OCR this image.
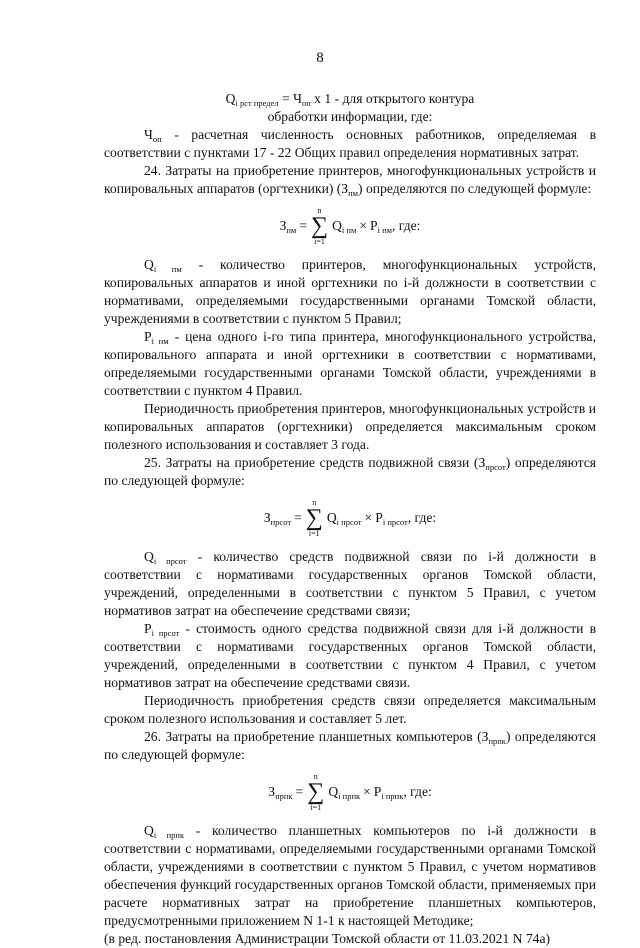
8

$Q_{i рст предел} = Ч_{оп}$ х 1 - для открытого контура

обработки информации, где:

$Ч_{оп}$ - расчетная численность основных работников, определяемая в соответствии с пунктами 17 - 22 Общих правил определения нормативных затрат.

24. Затраты на приобретение принтеров, многофункциональных устройств и копировальных аппаратов (оргтехники) $(З_{пм})$ определяются по следующей формуле:

$З_{пм}$ =
n
∑
i=1
$Q_{i пм} \times P_{i пм}$, где:

$Q_{i пм}$ - количество принтеров, многофункциональных устройств, копировальных аппаратов и иной оргтехники по i-й должности в соответствии с нормативами, определяемыми государственными органами Томской области, учреждениями в соответствии с пунктом 5 Правил;

$P_{i пм}$ - цена одного i-го типа принтера, многофункционального устройства, копировального аппарата и иной оргтехники в соответствии с нормативами, определяемыми государственными органами Томской области, учреждениями в соответствии с пунктом 4 Правил.

Периодичность приобретения принтеров, многофункциональных устройств и копировальных аппаратов (оргтехники) определяется максимальным сроком полезного использования и составляет 3 года.

25. Затраты на приобретение средств подвижной связи $(З_{прсот})$ определяются по следующей формуле:

$З_{прсот}$ =
n
∑
i=1
$Q_{i прсот} \times P_{i прсот}$, где:

$Q_{i прсот}$ - количество средств подвижной связи по i-й должности в соответствии с нормативами государственных органов Томской области, учреждений, определенными в соответствии с пунктом 5 Правил, с учетом нормативов затрат на обеспечение средствами связи;

$P_{i прсот}$ - стоимость одного средства подвижной связи для i-й должности в соответствии с нормативами государственных органов Томской области, учреждений, определенными в соответствии с пунктом 4 Правил, с учетом нормативов затрат на обеспечение средствами связи.

Периодичность приобретения средств связи определяется максимальным сроком полезного использования и составляет 5 лет.

26. Затраты на приобретение планшетных компьютеров $(З_{прпк})$ определяются по следующей формуле:

$З_{прпк}$ =
n
∑
i=1
$Q_{i прпк} \times P_{i прпк}$, где:

$Q_{i прпк}$ - количество планшетных компьютеров по i-й должности в соответствии с нормативами, определяемыми государственными органами Томской области, учреждениями в соответствии с пунктом 5 Правил, с учетом нормативов обеспечения функций государственных органов Томской области, применяемых при расчете нормативных затрат на приобретение планшетных компьютеров, предусмотренными приложением N 1-1 к настоящей Методике;

(в ред. постановления Администрации Томской области от 11.03.2021 N 74а)
